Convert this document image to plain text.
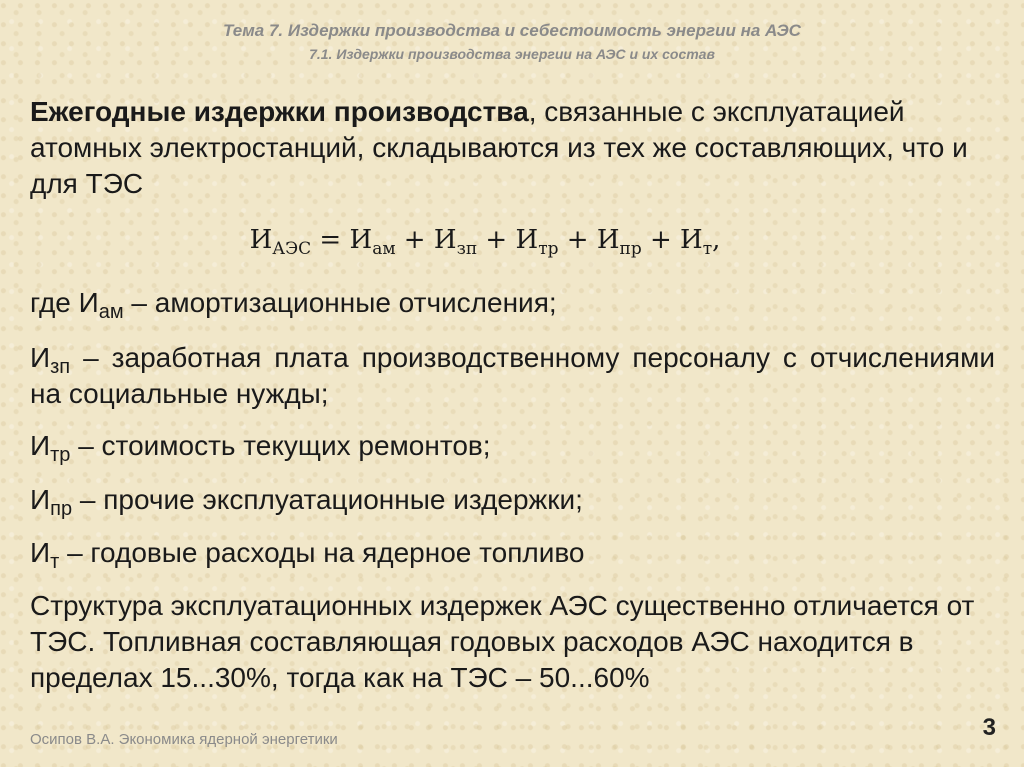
Тема 7. Издержки производства и себестоимость энергии на АЭС
7.1. Издержки производства энергии на АЭС и их состав
Ежегодные издержки производства, связанные с эксплуатацией атомных электростанций, складываются из тех же составляющих, что и для ТЭС
$И_{АЭС} = И_{ам} + И_{зп} + И_{тр} + И_{пр} + И_т$,
где $И_{ам}$ – амортизационные отчисления;
$И_{зп}$ – заработная плата производственному персоналу с отчислениями на социальные нужды;
$И_{тр}$ – стоимость текущих ремонтов;
$И_{пр}$ – прочие эксплуатационные издержки;
$И_т$ – годовые расходы на ядерное топливо
Структура эксплуатационных издержек АЭС существенно отличается от ТЭС. Топливная составляющая годовых расходов АЭС находится в пределах 15...30%, тогда как на ТЭС – 50...60%
Осипов В.А. Экономика ядерной энергетики	3
